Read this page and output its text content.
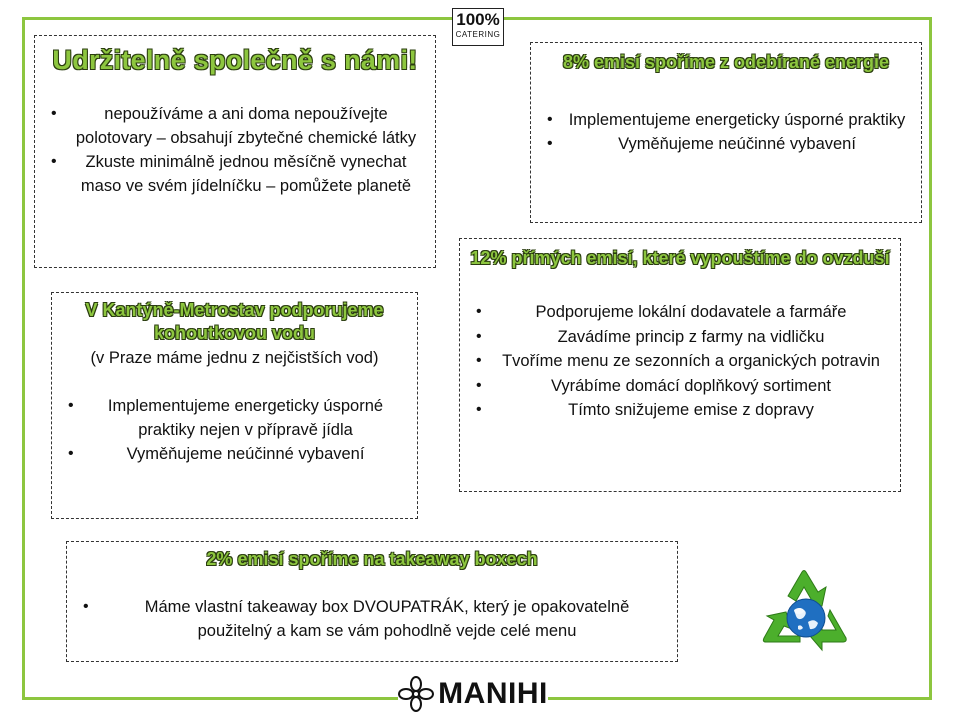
100%
CATERING
Udržitelně společně s námi!
• nepoužíváme a ani doma nepoužívejte polotovary – obsahují zbytečné chemické látky
• Zkuste minimálně jednou měsíčně vynechat maso ve svém jídelníčku – pomůžete planetě
8% emisí spoříme z odebírané energie
• Implementujeme energeticky úsporné praktiky
• Vyměňujeme neúčinné vybavení
12% přímých emisí, které vypouštíme do ovzduší
• Podporujeme lokální dodavatele a farmáře
• Zavádíme princip z farmy na vidličku
• Tvoříme menu ze sezonních a organických potravin
• Vyrábíme domácí doplňkový sortiment
• Tímto snižujeme emise z dopravy
V Kantýně-Metrostav podporujeme kohoutkovou vodu
(v Praze máme jednu z nejčistších vod)
• Implementujeme energeticky úsporné praktiky nejen v přípravě jídla
• Vyměňujeme neúčinné vybavení
2% emisí spoříme na takeaway boxech
• Máme vlastní takeaway box DVOUPATRÁK, který je opakovatelně použitelný a kam se vám pohodlně vejde celé menu
MANIHI
